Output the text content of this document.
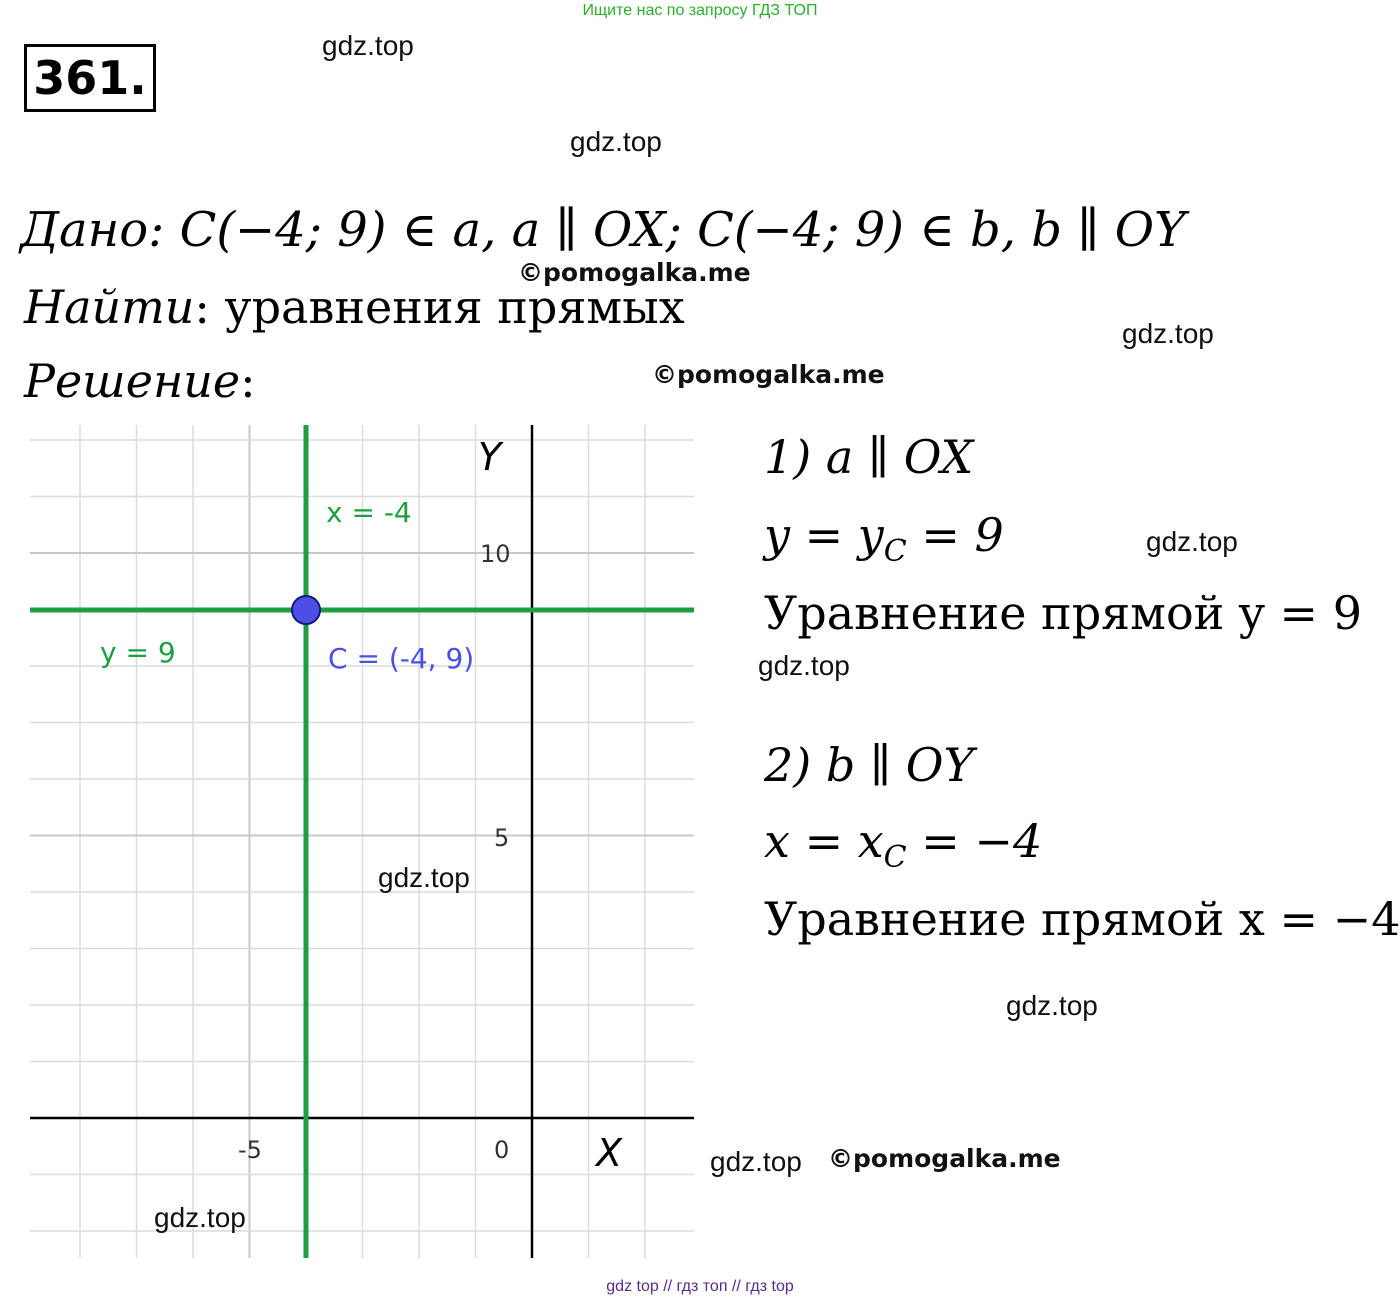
Ищите нас по запросу ГДЗ ТОП
361.
gdz.top
gdz.top
gdz.top
gdz.top
gdz.top
gdz.top
gdz.top
©pomogalka.me
©pomogalka.me
©pomogalka.me
Дано: C(−4; 9) ∈ a, a ∥ OX; C(−4; 9) ∈ b, b ∥ OY
Найти: уравнения прямых
Решение:
1) a ∥ OX
$y = y_C = 9$
Уравнение прямой y = 9
2) b ∥ OY
$x = x_C = -4$
Уравнение прямой x = −4
Y
X
10
5
0
-5
x = -4
y = 9	C = (-4, 9)
gdz.top
gdz.top
gdz top // гдз топ // гдз top
